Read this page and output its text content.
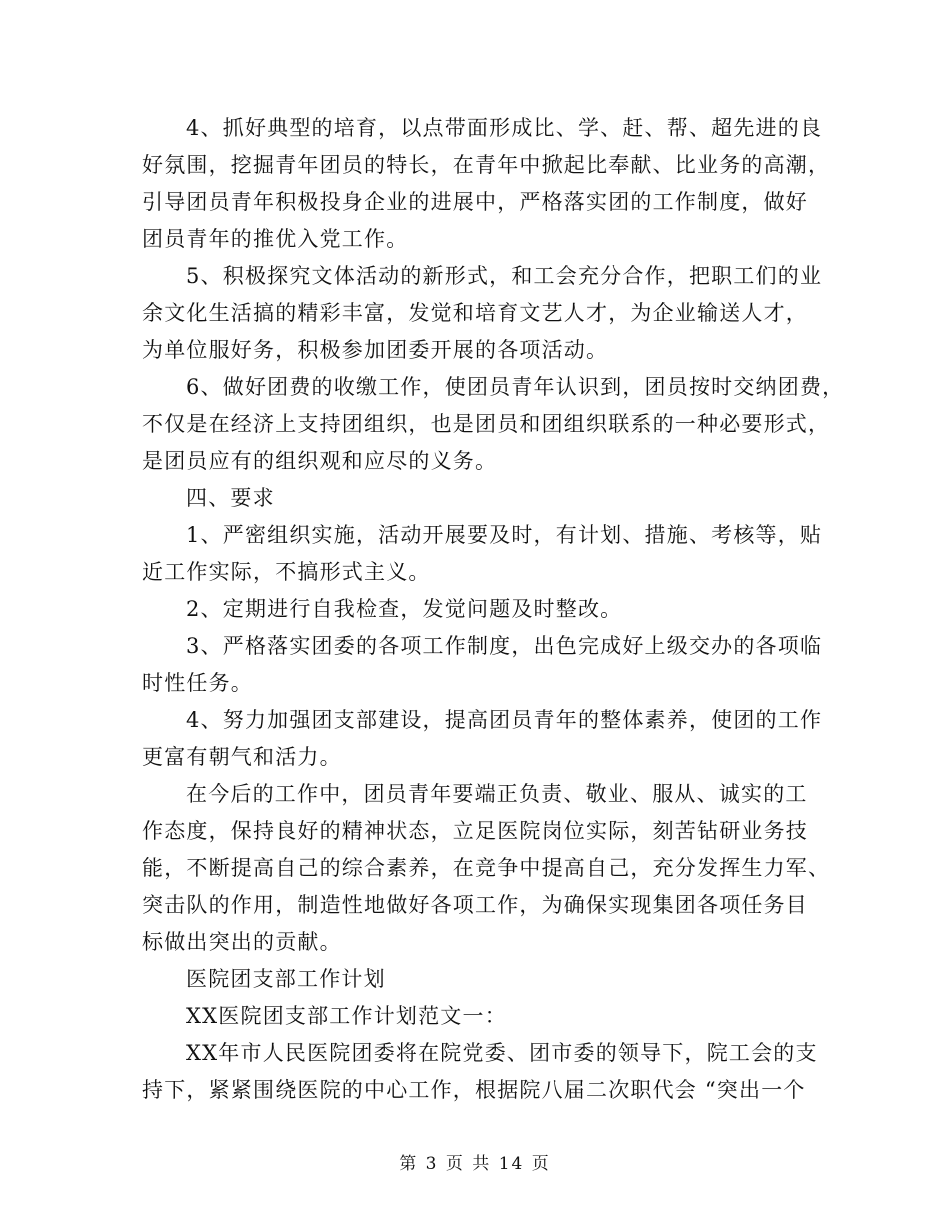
4、抓好典型的培育，以点带面形成比、学、赶、帮、超先进的良
好氛围，挖掘青年团员的特长，在青年中掀起比奉献、比业务的高潮，
引导团员青年积极投身企业的进展中，严格落实团的工作制度，做好
团员青年的推优入党工作。
5、积极探究文体活动的新形式，和工会充分合作，把职工们的业
余文化生活搞的精彩丰富，发觉和培育文艺人才，为企业输送人才，
为单位服好务，积极参加团委开展的各项活动。
6、做好团费的收缴工作，使团员青年认识到，团员按时交纳团费，
不仅是在经济上支持团组织，也是团员和团组织联系的一种必要形式，
是团员应有的组织观和应尽的义务。
四、要求
1、严密组织实施，活动开展要及时，有计划、措施、考核等，贴
近工作实际，不搞形式主义。
2、定期进行自我检查，发觉问题及时整改。
3、严格落实团委的各项工作制度，出色完成好上级交办的各项临
时性任务。
4、努力加强团支部建设，提高团员青年的整体素养，使团的工作
更富有朝气和活力。
在今后的工作中，团员青年要端正负责、敬业、服从、诚实的工
作态度，保持良好的精神状态，立足医院岗位实际，刻苦钻研业务技
能，不断提高自己的综合素养，在竞争中提高自己，充分发挥生力军、
突击队的作用，制造性地做好各项工作，为确保实现集团各项任务目
标做出突出的贡献。
医院团支部工作计划
XX医院团支部工作计划范文一：
XX年市人民医院团委将在院党委、团市委的领导下，院工会的支
持下，紧紧围绕医院的中心工作，根据院八届二次职代会 “突出一个
第 3 页 共 14 页
